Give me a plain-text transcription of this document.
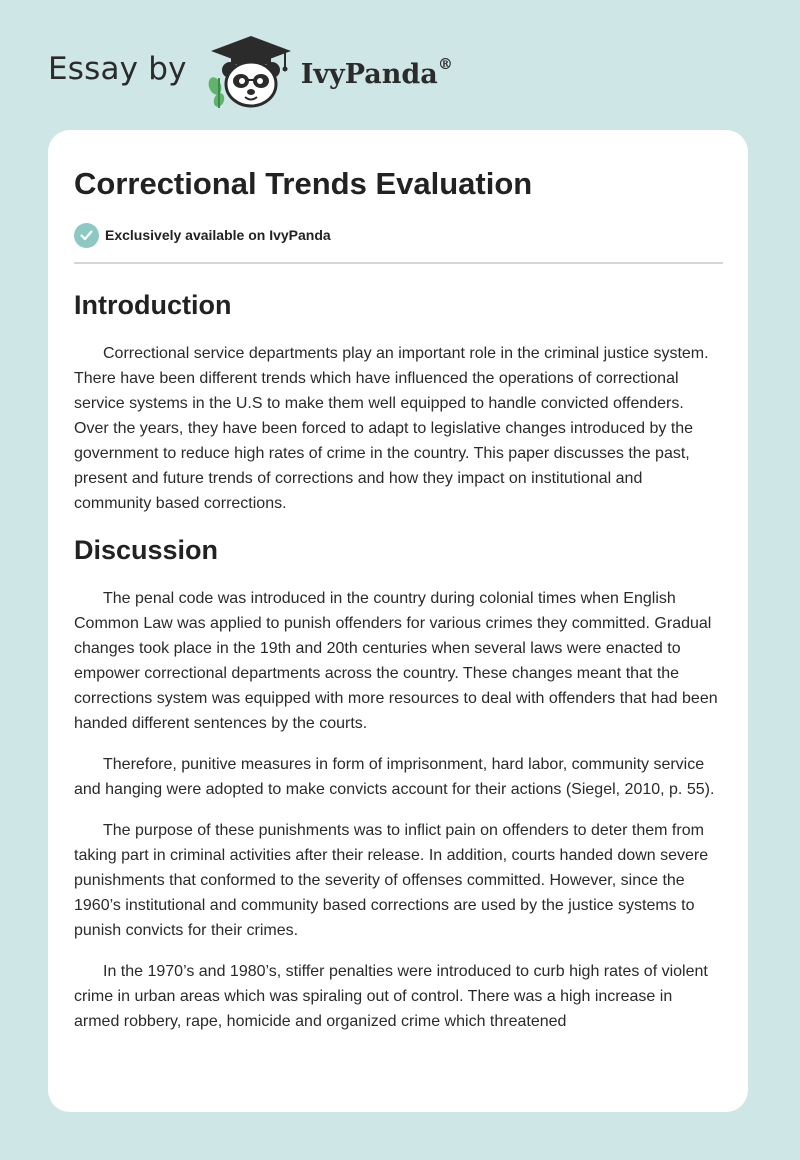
Essay by	IvyPanda®
Correctional Trends Evaluation
Exclusively available on IvyPanda
Introduction

Correctional service departments play an important role in the criminal justice system. There have been different trends which have influenced the operations of correctional service systems in the U.S to make them well equipped to handle convicted offenders. Over the years, they have been forced to adapt to legislative changes introduced by the government to reduce high rates of crime in the country. This paper discusses the past, present and future trends of corrections and how they impact on institutional and community based corrections.

Discussion

The penal code was introduced in the country during colonial times when English Common Law was applied to punish offenders for various crimes they committed. Gradual changes took place in the 19th and 20th centuries when several laws were enacted to empower correctional departments across the country. These changes meant that the corrections system was equipped with more resources to deal with offenders that had been handed different sentences by the courts.

Therefore, punitive measures in form of imprisonment, hard labor, community service and hanging were adopted to make convicts account for their actions (Siegel, 2010, p. 55).

The purpose of these punishments was to inflict pain on offenders to deter them from taking part in criminal activities after their release. In addition, courts handed down severe punishments that conformed to the severity of offenses committed. However, since the 1960’s institutional and community based corrections are used by the justice systems to punish convicts for their crimes.

In the 1970’s and 1980’s, stiffer penalties were introduced to curb high rates of violent crime in urban areas which was spiraling out of control. There was a high increase in armed robbery, rape, homicide and organized crime which threatened
